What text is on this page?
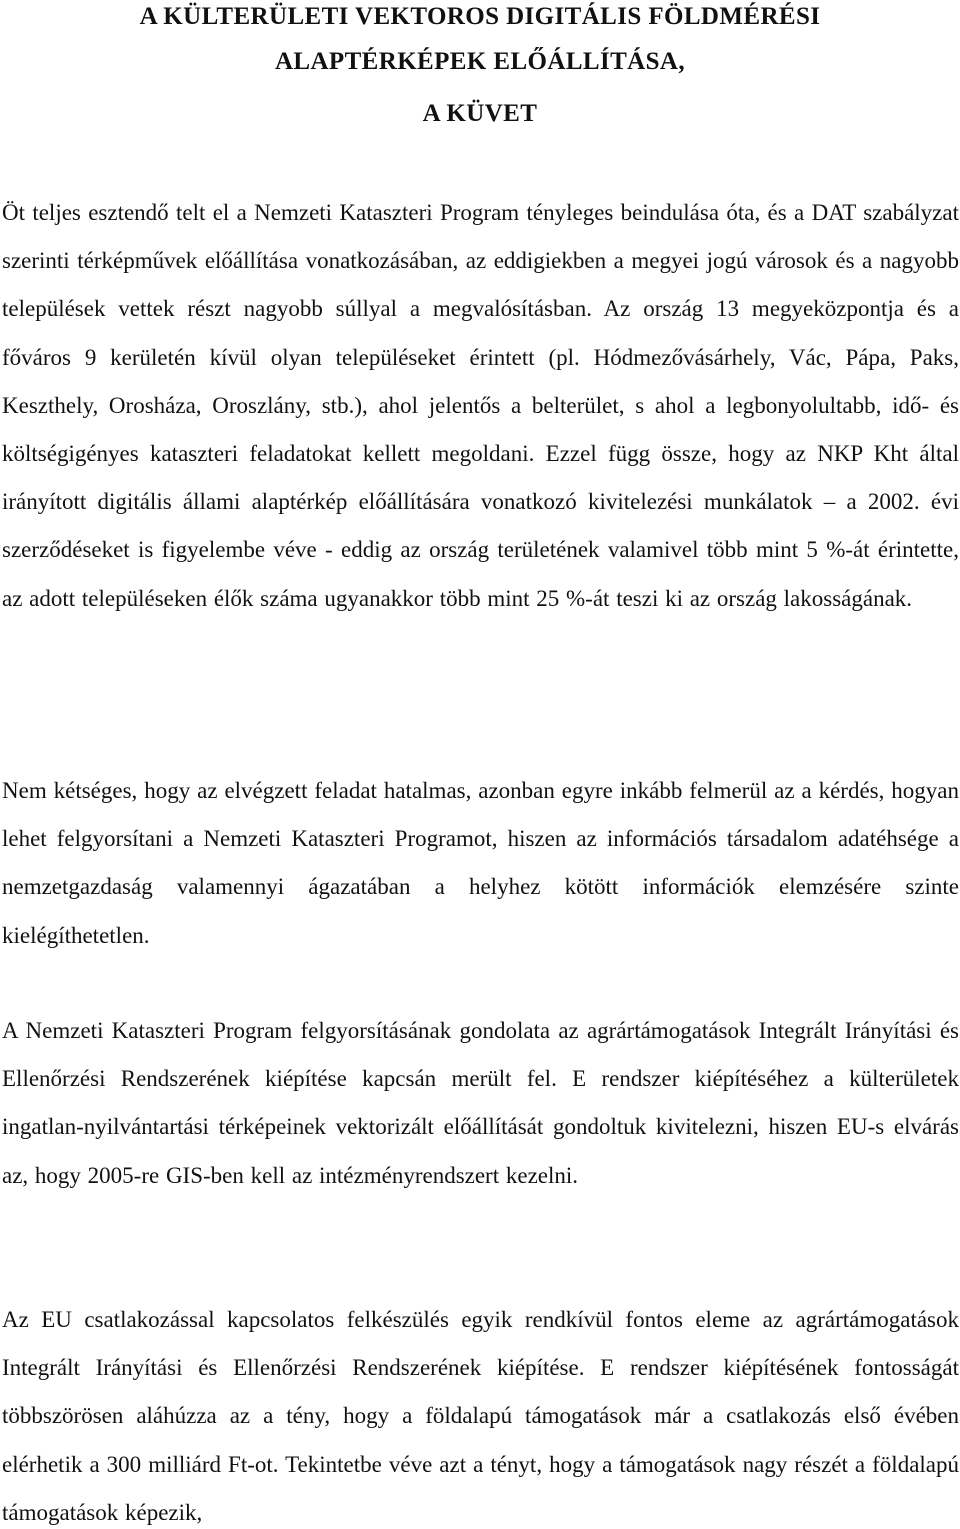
A KÜLTERÜLETI VEKTOROS DIGITÁLIS FÖLDMÉRÉSI
ALAPTÉRKÉPEK ELŐÁLLÍTÁSA,
A KÜVET

Öt teljes esztendő telt el a Nemzeti Kataszteri Program tényleges beindulása óta, és a DAT szabályzat szerinti térképművek előállítása vonatkozásában, az eddigiekben a megyei jogú városok és a nagyobb települések vettek részt nagyobb súllyal a megvalósításban. Az ország 13 megyeközpontja és a főváros 9 kerületén kívül olyan településeket érintett (pl. Hódmezővásárhely, Vác, Pápa, Paks, Keszthely, Orosháza, Oroszlány, stb.), ahol jelentős a belterület, s ahol a legbonyolultabb, idő- és költségigényes kataszteri feladatokat kellett megoldani. Ezzel függ össze, hogy az NKP Kht által irányított digitális állami alaptérkép előállítására vonatkozó kivitelezési munkálatok – a 2002. évi szerződéseket is figyelembe véve - eddig az ország területének valamivel több mint 5 %-át érintette, az adott településeken élők száma ugyanakkor több mint 25 %-át teszi ki az ország lakosságának.

Nem kétséges, hogy az elvégzett feladat hatalmas, azonban egyre inkább felmerül az a kérdés, hogyan lehet felgyorsítani a Nemzeti Kataszteri Programot, hiszen az információs társadalom adatéhsége a nemzetgazdaság valamennyi ágazatában a helyhez kötött információk elemzésére szinte kielégíthetetlen.

A Nemzeti Kataszteri Program felgyorsításának gondolata az agrártámogatások Integrált Irányítási és Ellenőrzési Rendszerének kiépítése kapcsán merült fel. E rendszer kiépítéséhez a külterületek ingatlan-nyilvántartási térképeinek vektorizált előállítását gondoltuk kivitelezni, hiszen EU-s elvárás az, hogy 2005-re GIS-ben kell az intézményrendszert kezelni.

Az EU csatlakozással kapcsolatos felkészülés egyik rendkívül fontos eleme az agrártámogatások Integrált Irányítási és Ellenőrzési Rendszerének kiépítése. E rendszer kiépítésének fontosságát többszörösen aláhúzza az a tény, hogy a földalapú támogatások már a csatlakozás első évében elérhetik a 300 milliárd Ft-ot. Tekintetbe véve azt a tényt, hogy a támogatások nagy részét a földalapú támogatások képezik,
